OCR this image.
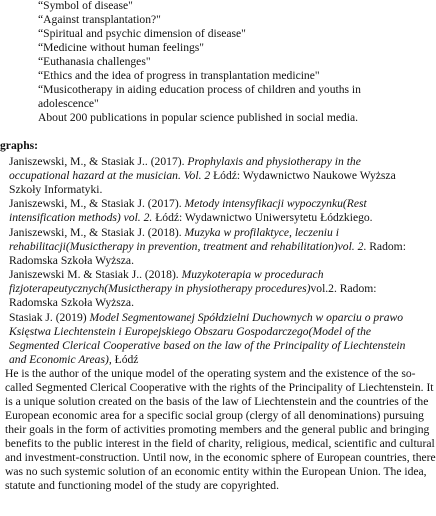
“Symbol of disease"
“Against transplantation?"
“Spiritual and psychic dimension of disease"
“Medicine without human feelings"
“Euthanasia challenges"
“Ethics and the idea of progress in transplantation medicine"
“Musicotherapy in aiding education process of children and youths in
adolescence"
About 200 publications in popular science published in social media.
graphs:
Janiszewski, M., & Stasiak J.. (2017). Prophylaxis and physiotherapy in the
occupational hazard at the musician. Vol. 2 Łódź: Wydawnictwo Naukowe Wyższa
Szkoły Informatyki.
Janiszewski, M., & Stasiak J. (2017). Metody intensyfikacji wypoczynku(Rest
intensification methods) vol. 2. Łódź: Wydawnictwo Uniwersytetu Łódzkiego.
Janiszewski, M., & Stasiak J. (2018). Muzyka w profilaktyce, leczeniu i
rehabilitacji(Musictherapy in prevention, treatment and rehabilitation)vol. 2. Radom:
Radomska Szkoła Wyższa.
Janiszewski M. & Stasiak J.. (2018). Muzykoterapia w procedurach
fizjoterapeutycznych(Musictherapy in physiotherapy procedures)vol.2. Radom:
Radomska Szkoła Wyższa.
Stasiak J. (2019) Model Segmentowanej Spółdzielni Duchownych w oparciu o prawo
Księstwa Liechtenstein i Europejskiego Obszaru Gospodarczego(Model of the
Segmented Clerical Cooperative based on the law of the Principality of Liechtenstein
and Economic Areas), Łódź
He is the author of the unique model of the operating system and the existence of the so-
called Segmented Clerical Cooperative with the rights of the Principality of Liechtenstein. It
is a unique solution created on the basis of the law of Liechtenstein and the countries of the
European economic area for a specific social group (clergy of all denominations) pursuing
their goals in the form of activities promoting members and the general public and bringing
benefits to the public interest in the field of charity, religious, medical, scientific and cultural
and investment-construction. Until now, in the economic sphere of European countries, there
was no such systemic solution of an economic entity within the European Union. The idea,
statute and functioning model of the study are copyrighted.
